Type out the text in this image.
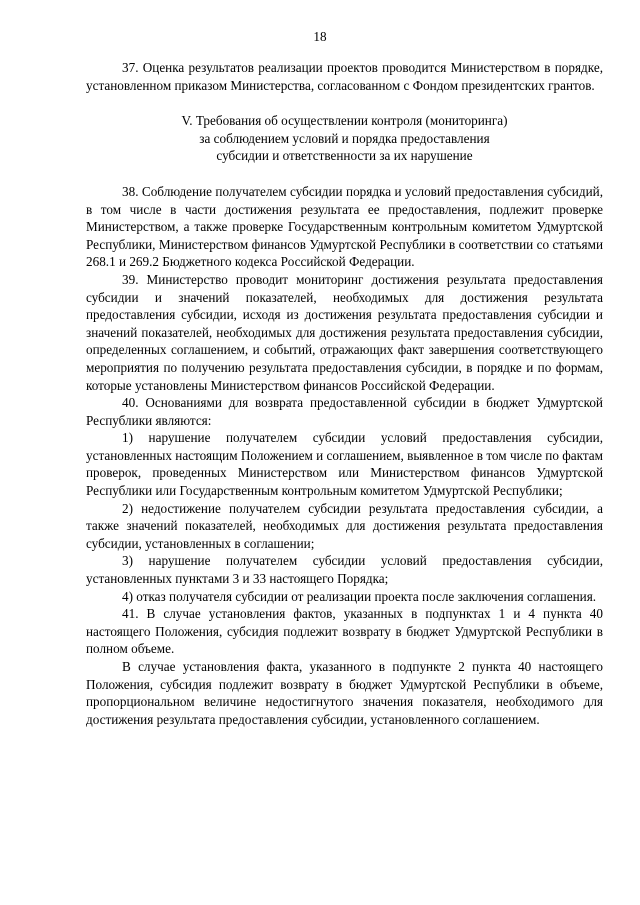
18

37. Оценка результатов реализации проектов проводится Министерством в порядке, установленном приказом Министерства, согласованном с Фондом президентских грантов.

V. Требования об осуществлении контроля (мониторинга)
за соблюдением условий и порядка предоставления
субсидии и ответственности за их нарушение

38. Соблюдение получателем субсидии порядка и условий предоставления субсидий, в том числе в части достижения результата ее предоставления, подлежит проверке Министерством, а также проверке Государственным контрольным комитетом Удмуртской Республики, Министерством финансов Удмуртской Республики в соответствии со статьями 268.1 и 269.2 Бюджетного кодекса Российской Федерации.

39. Министерство проводит мониторинг достижения результата предоставления субсидии и значений показателей, необходимых для достижения результата предоставления субсидии, исходя из достижения результата предоставления субсидии и значений показателей, необходимых для достижения результата предоставления субсидии, определенных соглашением, и событий, отражающих факт завершения соответствующего мероприятия по получению результата предоставления субсидии, в порядке и по формам, которые установлены Министерством финансов Российской Федерации.

40. Основаниями для возврата предоставленной субсидии в бюджет Удмуртской Республики являются:

1) нарушение получателем субсидии условий предоставления субсидии, установленных настоящим Положением и соглашением, выявленное в том числе по фактам проверок, проведенных Министерством или Министерством финансов Удмуртской Республики или Государственным контрольным комитетом Удмуртской Республики;

2) недостижение получателем субсидии результата предоставления субсидии, а также значений показателей, необходимых для достижения результата предоставления субсидии, установленных в соглашении;

3) нарушение получателем субсидии условий предоставления субсидии, установленных пунктами 3 и 33 настоящего Порядка;

4) отказ получателя субсидии от реализации проекта после заключения соглашения.

41. В случае установления фактов, указанных в подпунктах 1 и 4 пункта 40 настоящего Положения, субсидия подлежит возврату в бюджет Удмуртской Республики в полном объеме.

В случае установления факта, указанного в подпункте 2 пункта 40 настоящего Положения, субсидия подлежит возврату в бюджет Удмуртской Республики в объеме, пропорциональном величине недостигнутого значения показателя, необходимого для достижения результата предоставления субсидии, установленного соглашением.
